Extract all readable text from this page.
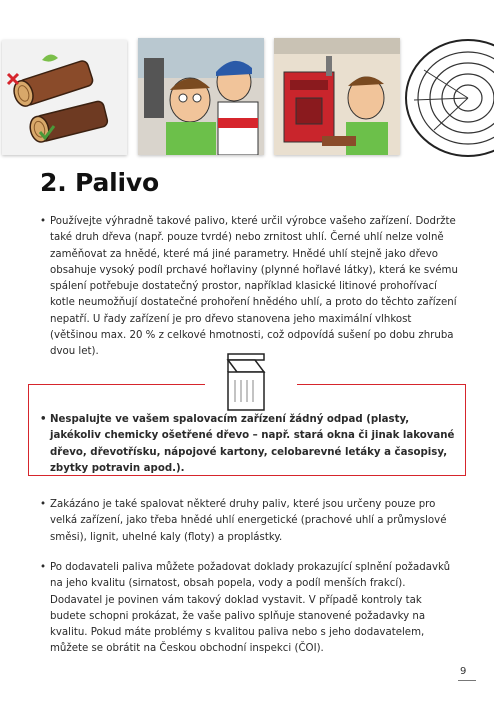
2. Palivo
• Používejte výhradně takové palivo, které určil výrobce vašeho zařízení. Dodržte také druh dřeva (např. pouze tvrdé) nebo zrnitost uhlí. Černé uhlí nelze volně zaměňovat za hnědé, které má jiné parametry. Hnědé uhlí stejně jako dřevo obsahuje vysoký podíl prchavé hořlaviny (plynné hořlavé látky), která ke svému spálení potřebuje dostatečný prostor, například klasické litinové prohořívací kotle neumožňují dostatečné prohoření hnědého uhlí, a proto do těchto zařízení nepatří. U řady zařízení je pro dřevo stanovena jeho maximální vlhkost (většinou max. 20 % z celkové hmotnosti, což odpovídá sušení po dobu zhruba dvou let).
• Nespalujte ve vašem spalovacím zařízení žádný odpad (plasty, jakékoliv chemicky ošetřené dřevo – např. stará okna či jinak lakované dřevo, dřevotřísku, nápojové kartony, celobarevné letáky a časopisy, zbytky potravin apod.).
• Zakázáno je také spalovat některé druhy paliv, které jsou určeny pouze pro velká zařízení, jako třeba hnědé uhlí energetické (prachové uhlí a průmyslové směsi), lignit, uhelné kaly (floty) a proplástky.
• Po dodavateli paliva můžete požadovat doklady prokazující splnění požadavků na jeho kvalitu (sirnatost, obsah popela, vody a podíl menších frakcí). Dodavatel je povinen vám takový doklad vystavit. V případě kontroly tak budete schopni prokázat, že vaše palivo splňuje stanovené požadavky na kvalitu. Pokud máte problémy s kvalitou paliva nebo s jeho dodavatelem, můžete se obrátit na Českou obchodní inspekci (ČOI).
9
